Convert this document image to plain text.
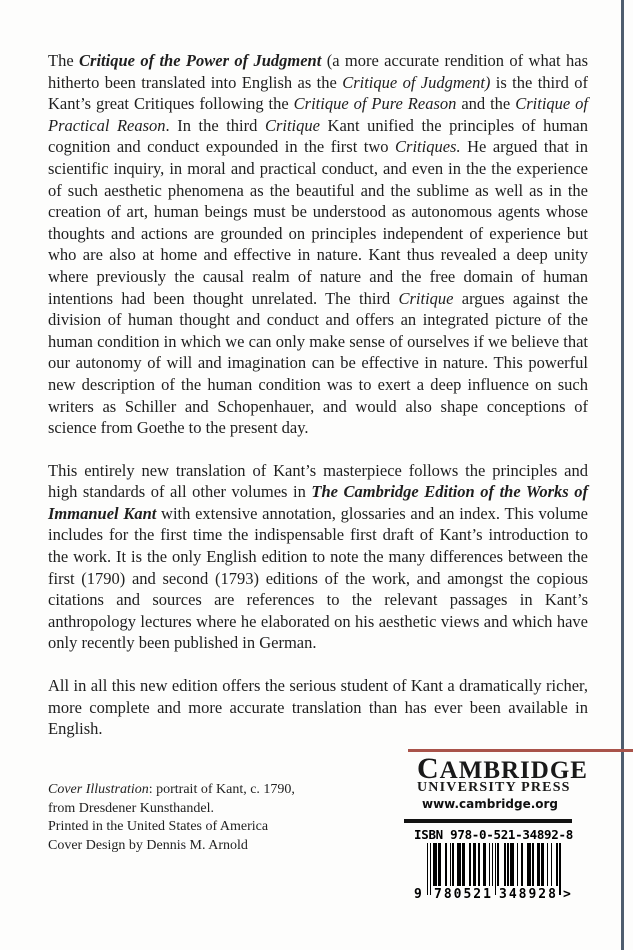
The Critique of the Power of Judgment (a more accurate rendition of what has hitherto been translated into English as the Critique of Judgment) is the third of Kant’s great Critiques following the Critique of Pure Reason and the Critique of Practical Reason. In the third Critique Kant unified the principles of human cognition and conduct expounded in the first two Critiques. He argued that in scientific inquiry, in moral and practical conduct, and even in the the experience of such aesthetic phenomena as the beautiful and the sublime as well as in the creation of art, human beings must be understood as autonomous agents whose thoughts and actions are grounded on principles independent of experience but who are also at home and effective in nature. Kant thus revealed a deep unity where previously the causal realm of nature and the free domain of human intentions had been thought unrelated. The third Critique argues against the division of human thought and conduct and offers an integrated picture of the human condition in which we can only make sense of ourselves if we believe that our autonomy of will and imagination can be effective in nature. This powerful new description of the human condition was to exert a deep influence on such writers as Schiller and Schopenhauer, and would also shape conceptions of science from Goethe to the present day.

This entirely new translation of Kant’s masterpiece follows the principles and high standards of all other volumes in The Cambridge Edition of the Works of Immanuel Kant with extensive annotation, glossaries and an index. This volume includes for the first time the indispensable first draft of Kant’s introduction to the work. It is the only English edition to note the many differences between the first (1790) and second (1793) editions of the work, and amongst the copious citations and sources are references to the relevant passages in Kant’s anthropology lectures where he elaborated on his aesthetic views and which have only recently been published in German.

All in all this new edition offers the serious student of Kant a dramatically richer, more complete and more accurate translation than has ever been available in English.

Cover Illustration: portrait of Kant, c. 1790,

from Dresdener Kunsthandel.

Printed in the United States of America

Cover Design by Dennis M. Arnold

CAMBRIDGE
UNIVERSITY PRESS
www.cambridge.org
ISBN 978-0-521-34892-8
9 780521 348928 >
